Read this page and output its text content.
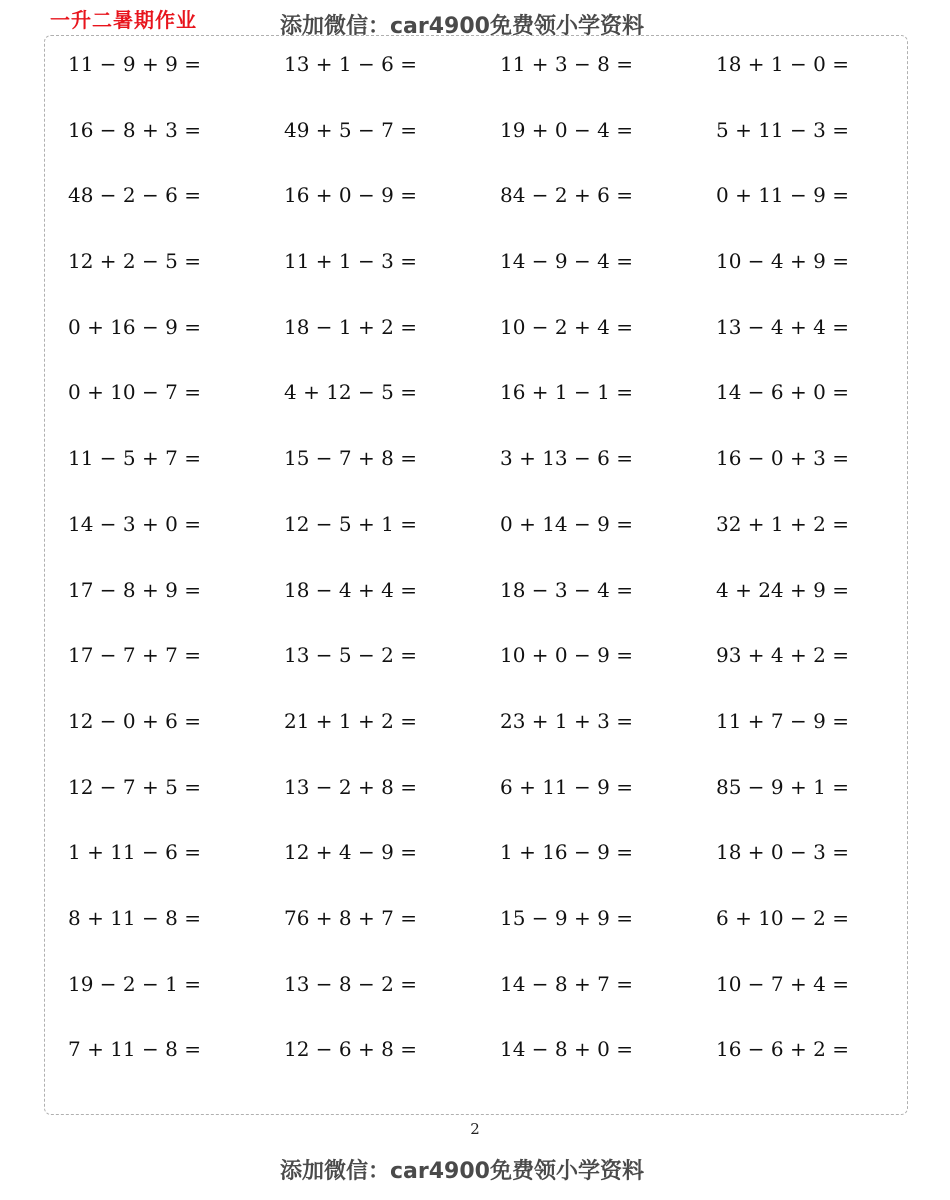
一升二暑期作业	添加微信：car4900免费领小学资料
11 − 9 + 9 =	13 + 1 − 6 =	11 + 3 − 8 =	18 + 1 − 0 =
16 − 8 + 3 =	49 + 5 − 7 =	19 + 0 − 4 =	5 + 11 − 3 =
48 − 2 − 6 =	16 + 0 − 9 =	84 − 2 + 6 =	0 + 11 − 9 =
12 + 2 − 5 =	11 + 1 − 3 =	14 − 9 − 4 =	10 − 4 + 9 =
0 + 16 − 9 =	18 − 1 + 2 =	10 − 2 + 4 =	13 − 4 + 4 =
0 + 10 − 7 =	4 + 12 − 5 =	16 + 1 − 1 =	14 − 6 + 0 =
11 − 5 + 7 =	15 − 7 + 8 =	3 + 13 − 6 =	16 − 0 + 3 =
14 − 3 + 0 =	12 − 5 + 1 =	0 + 14 − 9 =	32 + 1 + 2 =
17 − 8 + 9 =	18 − 4 + 4 =	18 − 3 − 4 =	4 + 24 + 9 =
17 − 7 + 7 =	13 − 5 − 2 =	10 + 0 − 9 =	93 + 4 + 2 =
12 − 0 + 6 =	21 + 1 + 2 =	23 + 1 + 3 =	11 + 7 − 9 =
12 − 7 + 5 =	13 − 2 + 8 =	6 + 11 − 9 =	85 − 9 + 1 =
1 + 11 − 6 =	12 + 4 − 9 =	1 + 16 − 9 =	18 + 0 − 3 =
8 + 11 − 8 =	76 + 8 + 7 =	15 − 9 + 9 =	6 + 10 − 2 =
19 − 2 − 1 =	13 − 8 − 2 =	14 − 8 + 7 =	10 − 7 + 4 =
7 + 11 − 8 =	12 − 6 + 8 =	14 − 8 + 0 =	16 − 6 + 2 =
2
添加微信：car4900免费领小学资料
